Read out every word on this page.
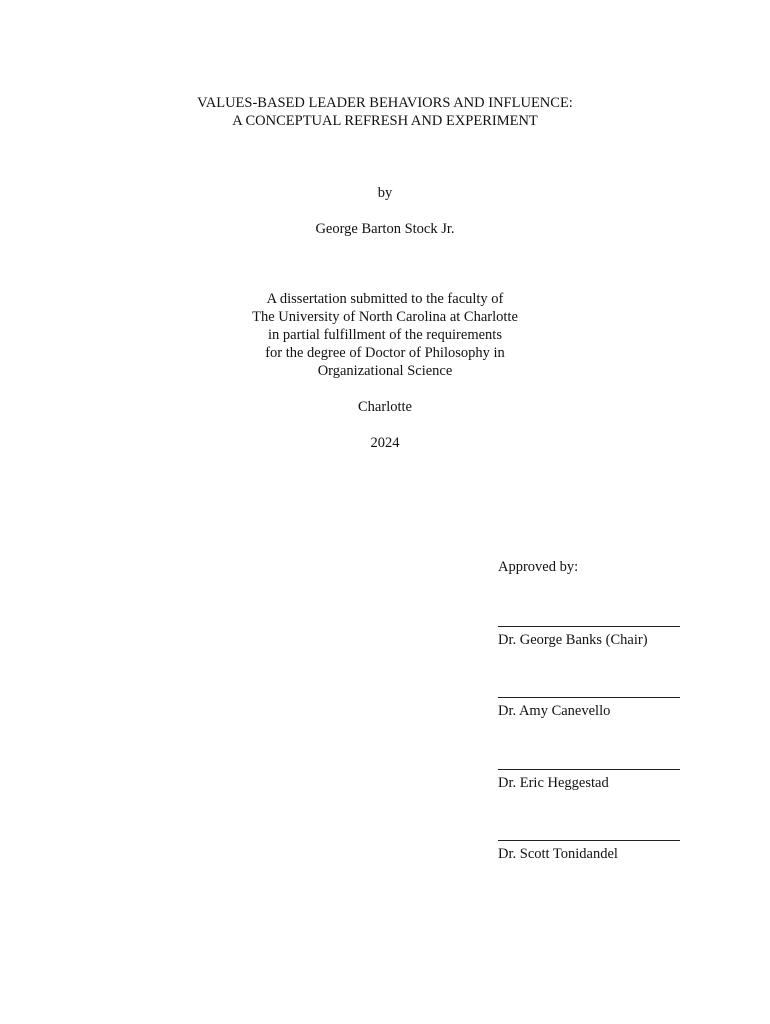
VALUES-BASED LEADER BEHAVIORS AND INFLUENCE:
A CONCEPTUAL REFRESH AND EXPERIMENT
by
George Barton Stock Jr.
A dissertation submitted to the faculty of
The University of North Carolina at Charlotte
in partial fulfillment of the requirements
for the degree of Doctor of Philosophy in
Organizational Science
Charlotte
2024
Approved by:
Dr. George Banks (Chair)
Dr. Amy Canevello
Dr. Eric Heggestad
Dr. Scott Tonidandel
